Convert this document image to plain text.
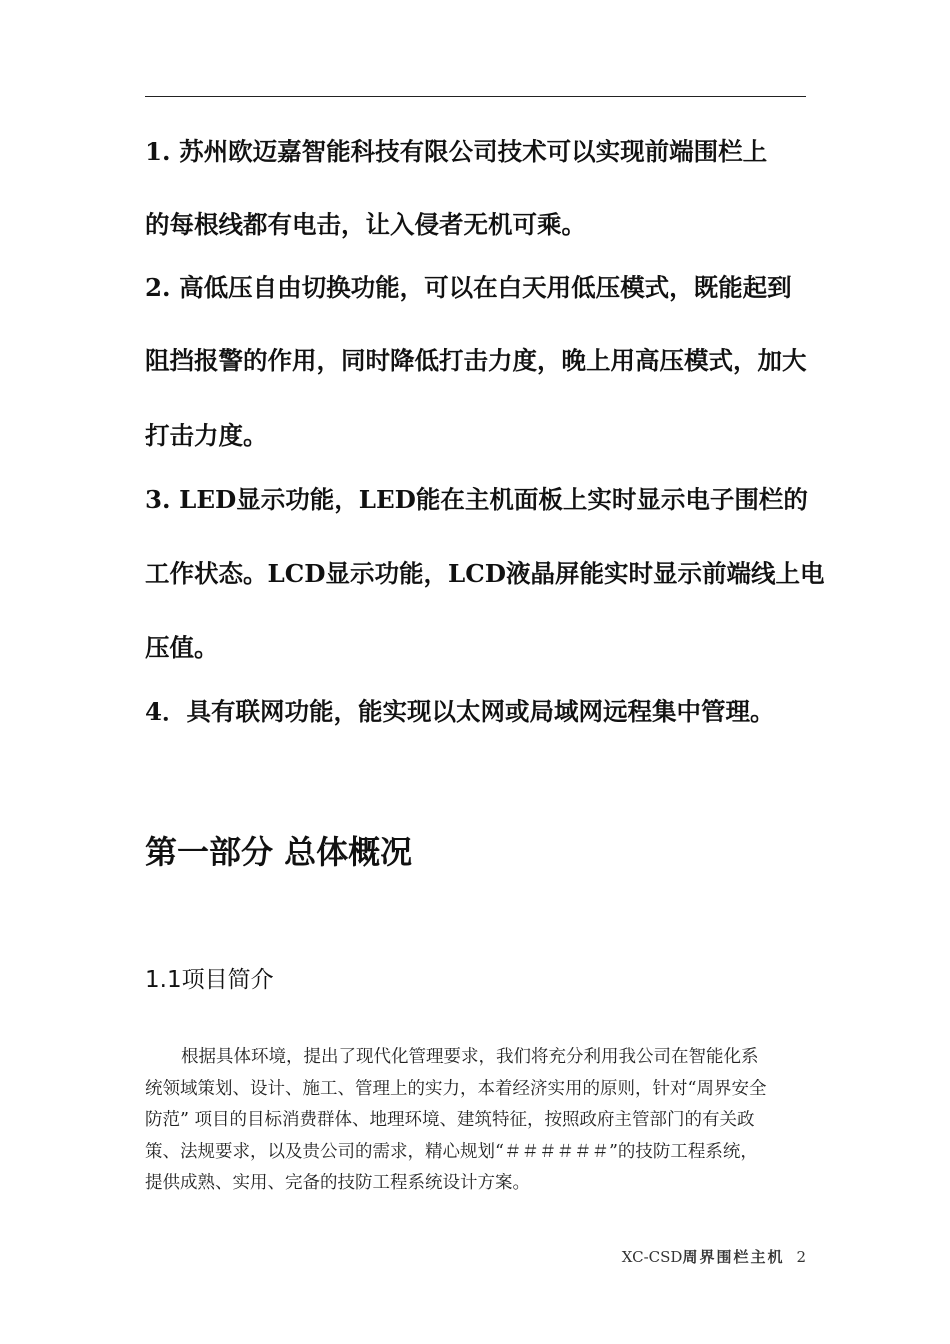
1. 苏州欧迈嘉智能科技有限公司技术可以实现前端围栏上
的每根线都有电击，让入侵者无机可乘。
2. 高低压自由切换功能，可以在白天用低压模式，既能起到
阻挡报警的作用，同时降低打击力度，晚上用高压模式，加大
打击力度。
3. LED显示功能，LED能在主机面板上实时显示电子围栏的
工作状态。LCD显示功能，LCD液晶屏能实时显示前端线上电
压值。
4．具有联网功能，能实现以太网或局域网远程集中管理。
第一部分 总体概况
1.1项目简介
根据具体环境，提出了现代化管理要求，我们将充分利用我公司在智能化系
统领域策划、设计、施工、管理上的实力，本着经济实用的原则，针对“周界安全
防范” 项目的目标消费群体、地理环境、建筑特征，按照政府主管部门的有关政
策、法规要求，以及贵公司的需求，精心规划“＃＃＃＃＃＃”的技防工程系统，
提供成熟、实用、完备的技防工程系统设计方案。
XC-CSD周界围栏主机 2
